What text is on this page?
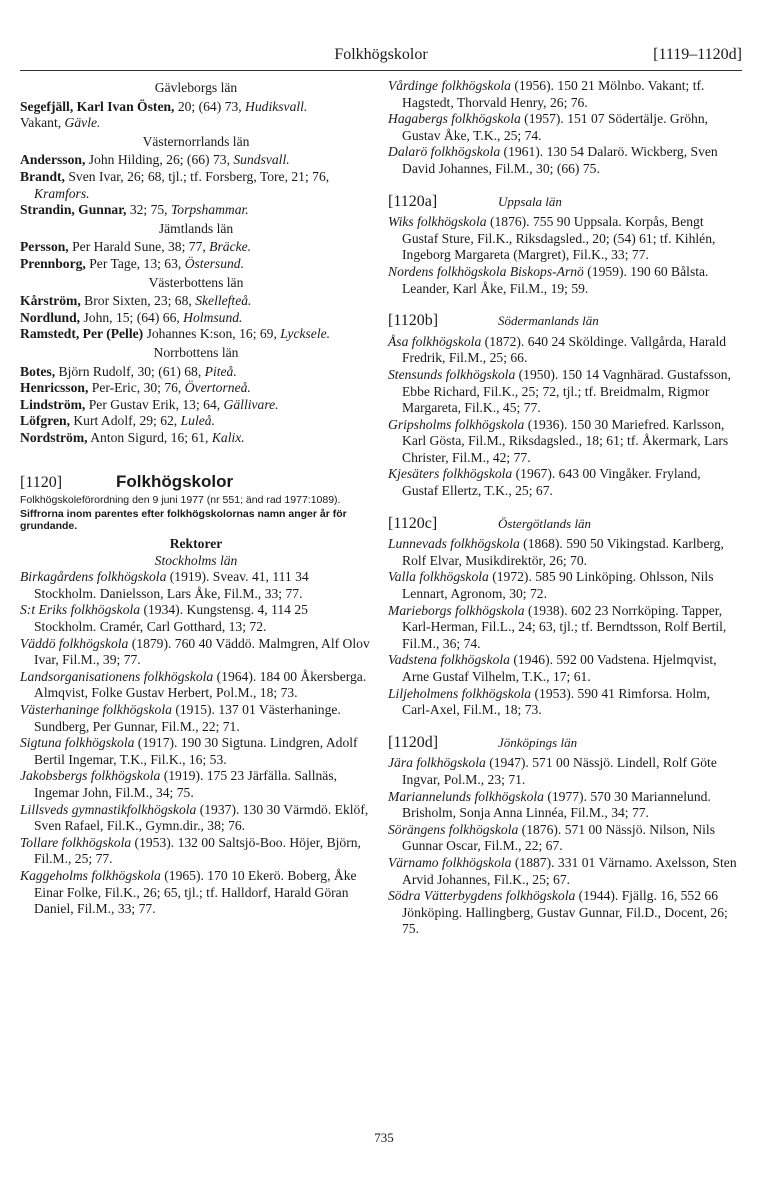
Folkhögskolor	[1119–1120d]
Gävleborgs län

Segefjäll, Karl Ivan Östen, 20; (64) 73, Hudiksvall.

Vakant, Gävle.

Västernorrlands län

Andersson, John Hilding, 26; (66) 73, Sundsvall.

Brandt, Sven Ivar, 26; 68, tjl.; tf. Forsberg, Tore, 21; 76, Kramfors.

Strandin, Gunnar, 32; 75, Torpshammar.

Jämtlands län

Persson, Per Harald Sune, 38; 77, Bräcke.

Prennborg, Per Tage, 13; 63, Östersund.

Västerbottens län

Kårström, Bror Sixten, 23; 68, Skellefteå.

Nordlund, John, 15; (64) 66, Holmsund.

Ramstedt, Per (Pelle) Johannes K:son, 16; 69, Lycksele.

Norrbottens län

Botes, Björn Rudolf, 30; (61) 68, Piteå.

Henricsson, Per-Eric, 30; 76, Övertorneå.

Lindström, Per Gustav Erik, 13; 64, Gällivare.

Löfgren, Kurt Adolf, 29; 62, Luleå.

Nordström, Anton Sigurd, 16; 61, Kalix.

[1120]	Folkhögskolor

Folkhögskoleförordning den 9 juni 1977 (nr 551; änd rad 1977:1089).

Siffrorna inom parentes efter folkhögskolornas namn anger år för grundande.

Rektorer
Stockholms län

Birkagårdens folkhögskola (1919). Sveav. 41, 111 34 Stockholm. Danielsson, Lars Åke, Fil.M., 33; 77.

S:t Eriks folkhögskola (1934). Kungstensg. 4, 114 25 Stockholm. Cramér, Carl Gotthard, 13; 72.

Väddö folkhögskola (1879). 760 40 Väddö. Malmgren, Alf Olov Ivar, Fil.M., 39; 77.

Landsorganisationens folkhögskola (1964). 184 00 Åkersberga. Almqvist, Folke Gustav Herbert, Pol.M., 18; 73.

Västerhaninge folkhögskola (1915). 137 01 Västerhaninge. Sundberg, Per Gunnar, Fil.M., 22; 71.

Sigtuna folkhögskola (1917). 190 30 Sigtuna. Lindgren, Adolf Bertil Ingemar, T.K., Fil.K., 16; 53.

Jakobsbergs folkhögskola (1919). 175 23 Järfälla. Sallnäs, Ingemar John, Fil.M., 34; 75.

Lillsveds gymnastikfolkhögskola (1937). 130 30 Värmdö. Eklöf, Sven Rafael, Fil.K., Gymn.dir., 38; 76.

Tollare folkhögskola (1953). 132 00 Saltsjö-Boo. Höjer, Björn, Fil.M., 25; 77.

Kaggeholms folkhögskola (1965). 170 10 Ekerö. Boberg, Åke Einar Folke, Fil.K., 26; 65, tjl.; tf. Halldorf, Harald Göran Daniel, Fil.M., 33; 77.

Vårdinge folkhögskola (1956). 150 21 Mölnbo. Vakant; tf. Hagstedt, Thorvald Henry, 26; 76.

Hagabergs folkhögskola (1957). 151 07 Södertälje. Gröhn, Gustav Åke, T.K., 25; 74.

Dalarö folkhögskola (1961). 130 54 Dalarö. Wickberg, Sven David Johannes, Fil.M., 30; (66) 75.

[1120a]	Uppsala län

Wiks folkhögskola (1876). 755 90 Uppsala. Korpås, Bengt Gustaf Sture, Fil.K., Riksdagsled., 20; (54) 61; tf. Kihlén, Ingeborg Margareta (Margret), Fil.K., 33; 77.

Nordens folkhögskola Biskops-Arnö (1959). 190 60 Bålsta. Leander, Karl Åke, Fil.M., 19; 59.

[1120b]	Södermanlands län

Åsa folkhögskola (1872). 640 24 Sköldinge. Vallgårda, Harald Fredrik, Fil.M., 25; 66.

Stensunds folkhögskola (1950). 150 14 Vagnhärad. Gustafsson, Ebbe Richard, Fil.K., 25; 72, tjl.; tf. Breidmalm, Rigmor Margareta, Fil.K., 45; 77.

Gripsholms folkhögskola (1936). 150 30 Mariefred. Karlsson, Karl Gösta, Fil.M., Riksdagsled., 18; 61; tf. Åkermark, Lars Christer, Fil.M., 42; 77.

Kjesäters folkhögskola (1967). 643 00 Vingåker. Fryland, Gustaf Ellertz, T.K., 25; 67.

[1120c]	Östergötlands län

Lunnevads folkhögskola (1868). 590 50 Vikingstad. Karlberg, Rolf Elvar, Musikdirektör, 26; 70.

Valla folkhögskola (1972). 585 90 Linköping. Ohlsson, Nils Lennart, Agronom, 30; 72.

Marieborgs folkhögskola (1938). 602 23 Norrköping. Tapper, Karl-Herman, Fil.L., 24; 63, tjl.; tf. Berndtsson, Rolf Bertil, Fil.M., 36; 74.

Vadstena folkhögskola (1946). 592 00 Vadstena. Hjelmqvist, Arne Gustaf Vilhelm, T.K., 17; 61.

Liljeholmens folkhögskola (1953). 590 41 Rimforsa. Holm, Carl-Axel, Fil.M., 18; 73.

[1120d]	Jönköpings län

Jära folkhögskola (1947). 571 00 Nässjö. Lindell, Rolf Göte Ingvar, Pol.M., 23; 71.

Mariannelunds folkhögskola (1977). 570 30 Mariannelund. Brisholm, Sonja Anna Linnéa, Fil.M., 34; 77.

Sörängens folkhögskola (1876). 571 00 Nässjö. Nilson, Nils Gunnar Oscar, Fil.M., 22; 67.

Värnamo folkhögskola (1887). 331 01 Värnamo. Axelsson, Sten Arvid Johannes, Fil.K., 25; 67.

Södra Vätterbygdens folkhögskola (1944). Fjällg. 16, 552 66 Jönköping. Hallingberg, Gustav Gunnar, Fil.D., Docent, 26; 75.

735
